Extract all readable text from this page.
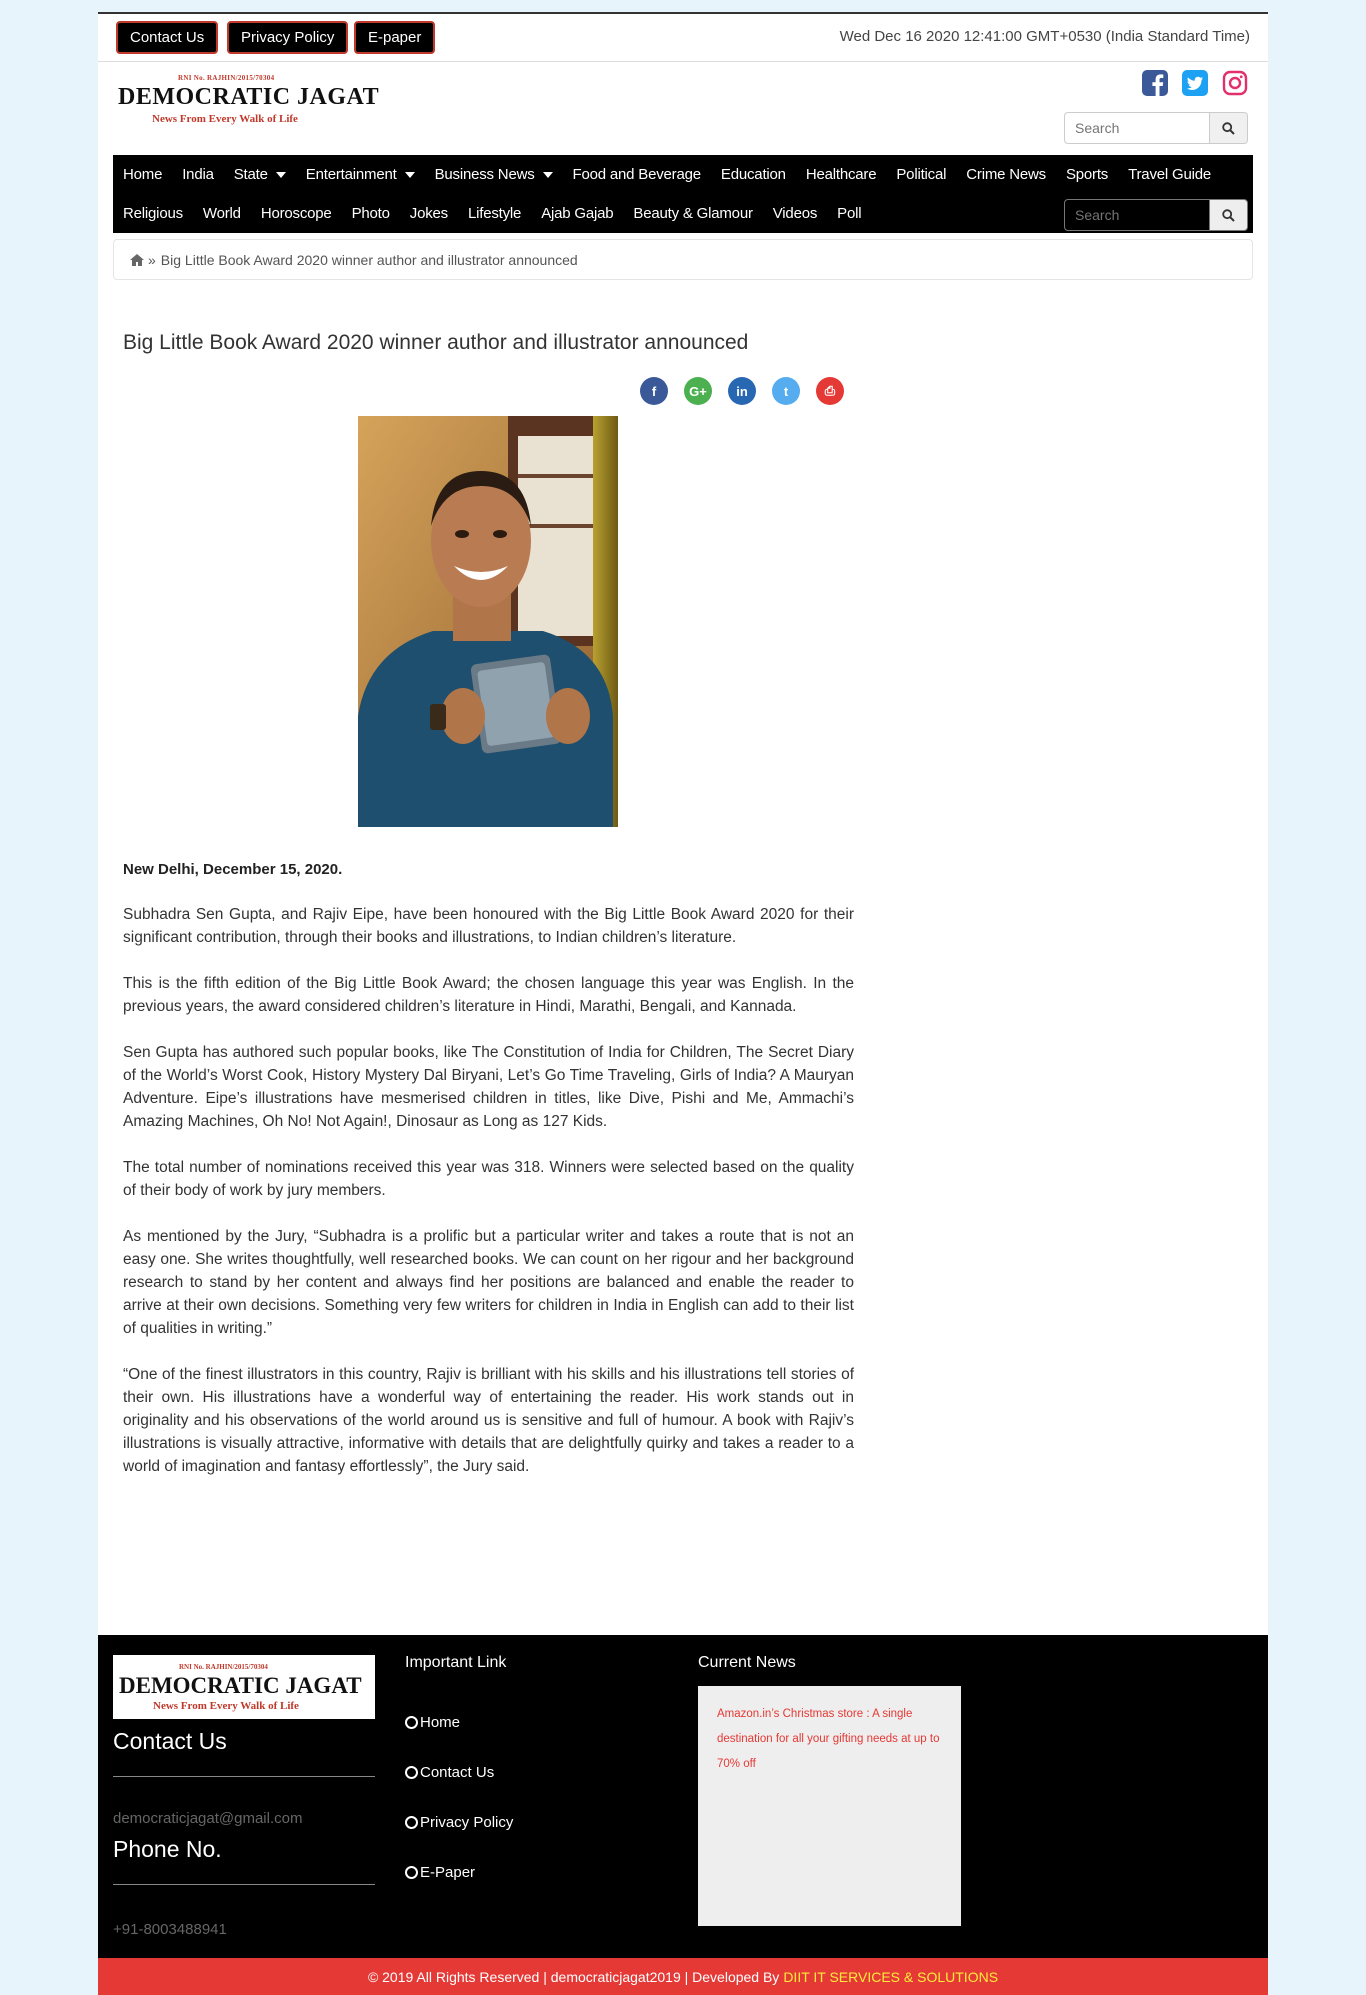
Contact Us	Privacy Policy	E-paper	Wed Dec 16 2020 12:41:00 GMT+0530 (India Standard Time)
RNI No. RAJHIN/2015/70304
DEMOCRATIC JAGAT
News From Every Walk of Life
Search
Home	India	State	Entertainment	Business News	Food and Beverage	Education	Healthcare	Political	Crime News	Sports	Travel Guide
Religious	World	Horoscope	Photo	Jokes	Lifestyle	Ajab Gajab	Beauty & Glamour	Videos	Poll
Search
» Big Little Book Award 2020 winner author and illustrator announced
Big Little Book Award 2020 winner author and illustrator announced
f	G+	in	t	⎙
New Delhi, December 15, 2020.

Subhadra Sen Gupta, and Rajiv Eipe, have been honoured with the Big Little Book Award 2020 for their significant contribution, through their books and illustrations, to Indian children’s literature.

This is the fifth edition of the Big Little Book Award; the chosen language this year was English. In the previous years, the award considered children’s literature in Hindi, Marathi, Bengali, and Kannada.

Sen Gupta has authored such popular books, like The Constitution of India for Children, The Secret Diary of the World’s Worst Cook, History Mystery Dal Biryani, Let’s Go Time Traveling, Girls of India? A Mauryan Adventure. Eipe’s illustrations have mesmerised children in titles, like Dive, Pishi and Me, Ammachi’s Amazing Machines, Oh No! Not Again!, Dinosaur as Long as 127 Kids.

The total number of nominations received this year was 318. Winners were selected based on the quality of their body of work by jury members.

As mentioned by the Jury, “Subhadra is a prolific but a particular writer and takes a route that is not an easy one. She writes thoughtfully, well researched books. We can count on her rigour and her background research to stand by her content and always find her positions are balanced and enable the reader to arrive at their own decisions. Something very few writers for children in India in English can add to their list of qualities in writing.”

“One of the finest illustrators in this country, Rajiv is brilliant with his skills and his illustrations tell stories of their own. His illustrations have a wonderful way of entertaining the reader. His work stands out in originality and his observations of the world around us is sensitive and full of humour. A book with Rajiv’s illustrations is visually attractive, informative with details that are delightfully quirky and takes a reader to a world of imagination and fantasy effortlessly”, the Jury said.

RNI No. RAJHIN/2015/70304
DEMOCRATIC JAGAT
News From Every Walk of Life
Contact Us
democraticjagat@gmail.com
Phone No.
+91-8003488941
Important Link
Home
Contact Us
Privacy Policy
E-Paper
Current News
Amazon.in’s Christmas store : A single destination for all your gifting needs at up to 70% off
© 2019 All Rights Reserved | democraticjagat2019 | Developed By DIIT IT SERVICES & SOLUTIONS
